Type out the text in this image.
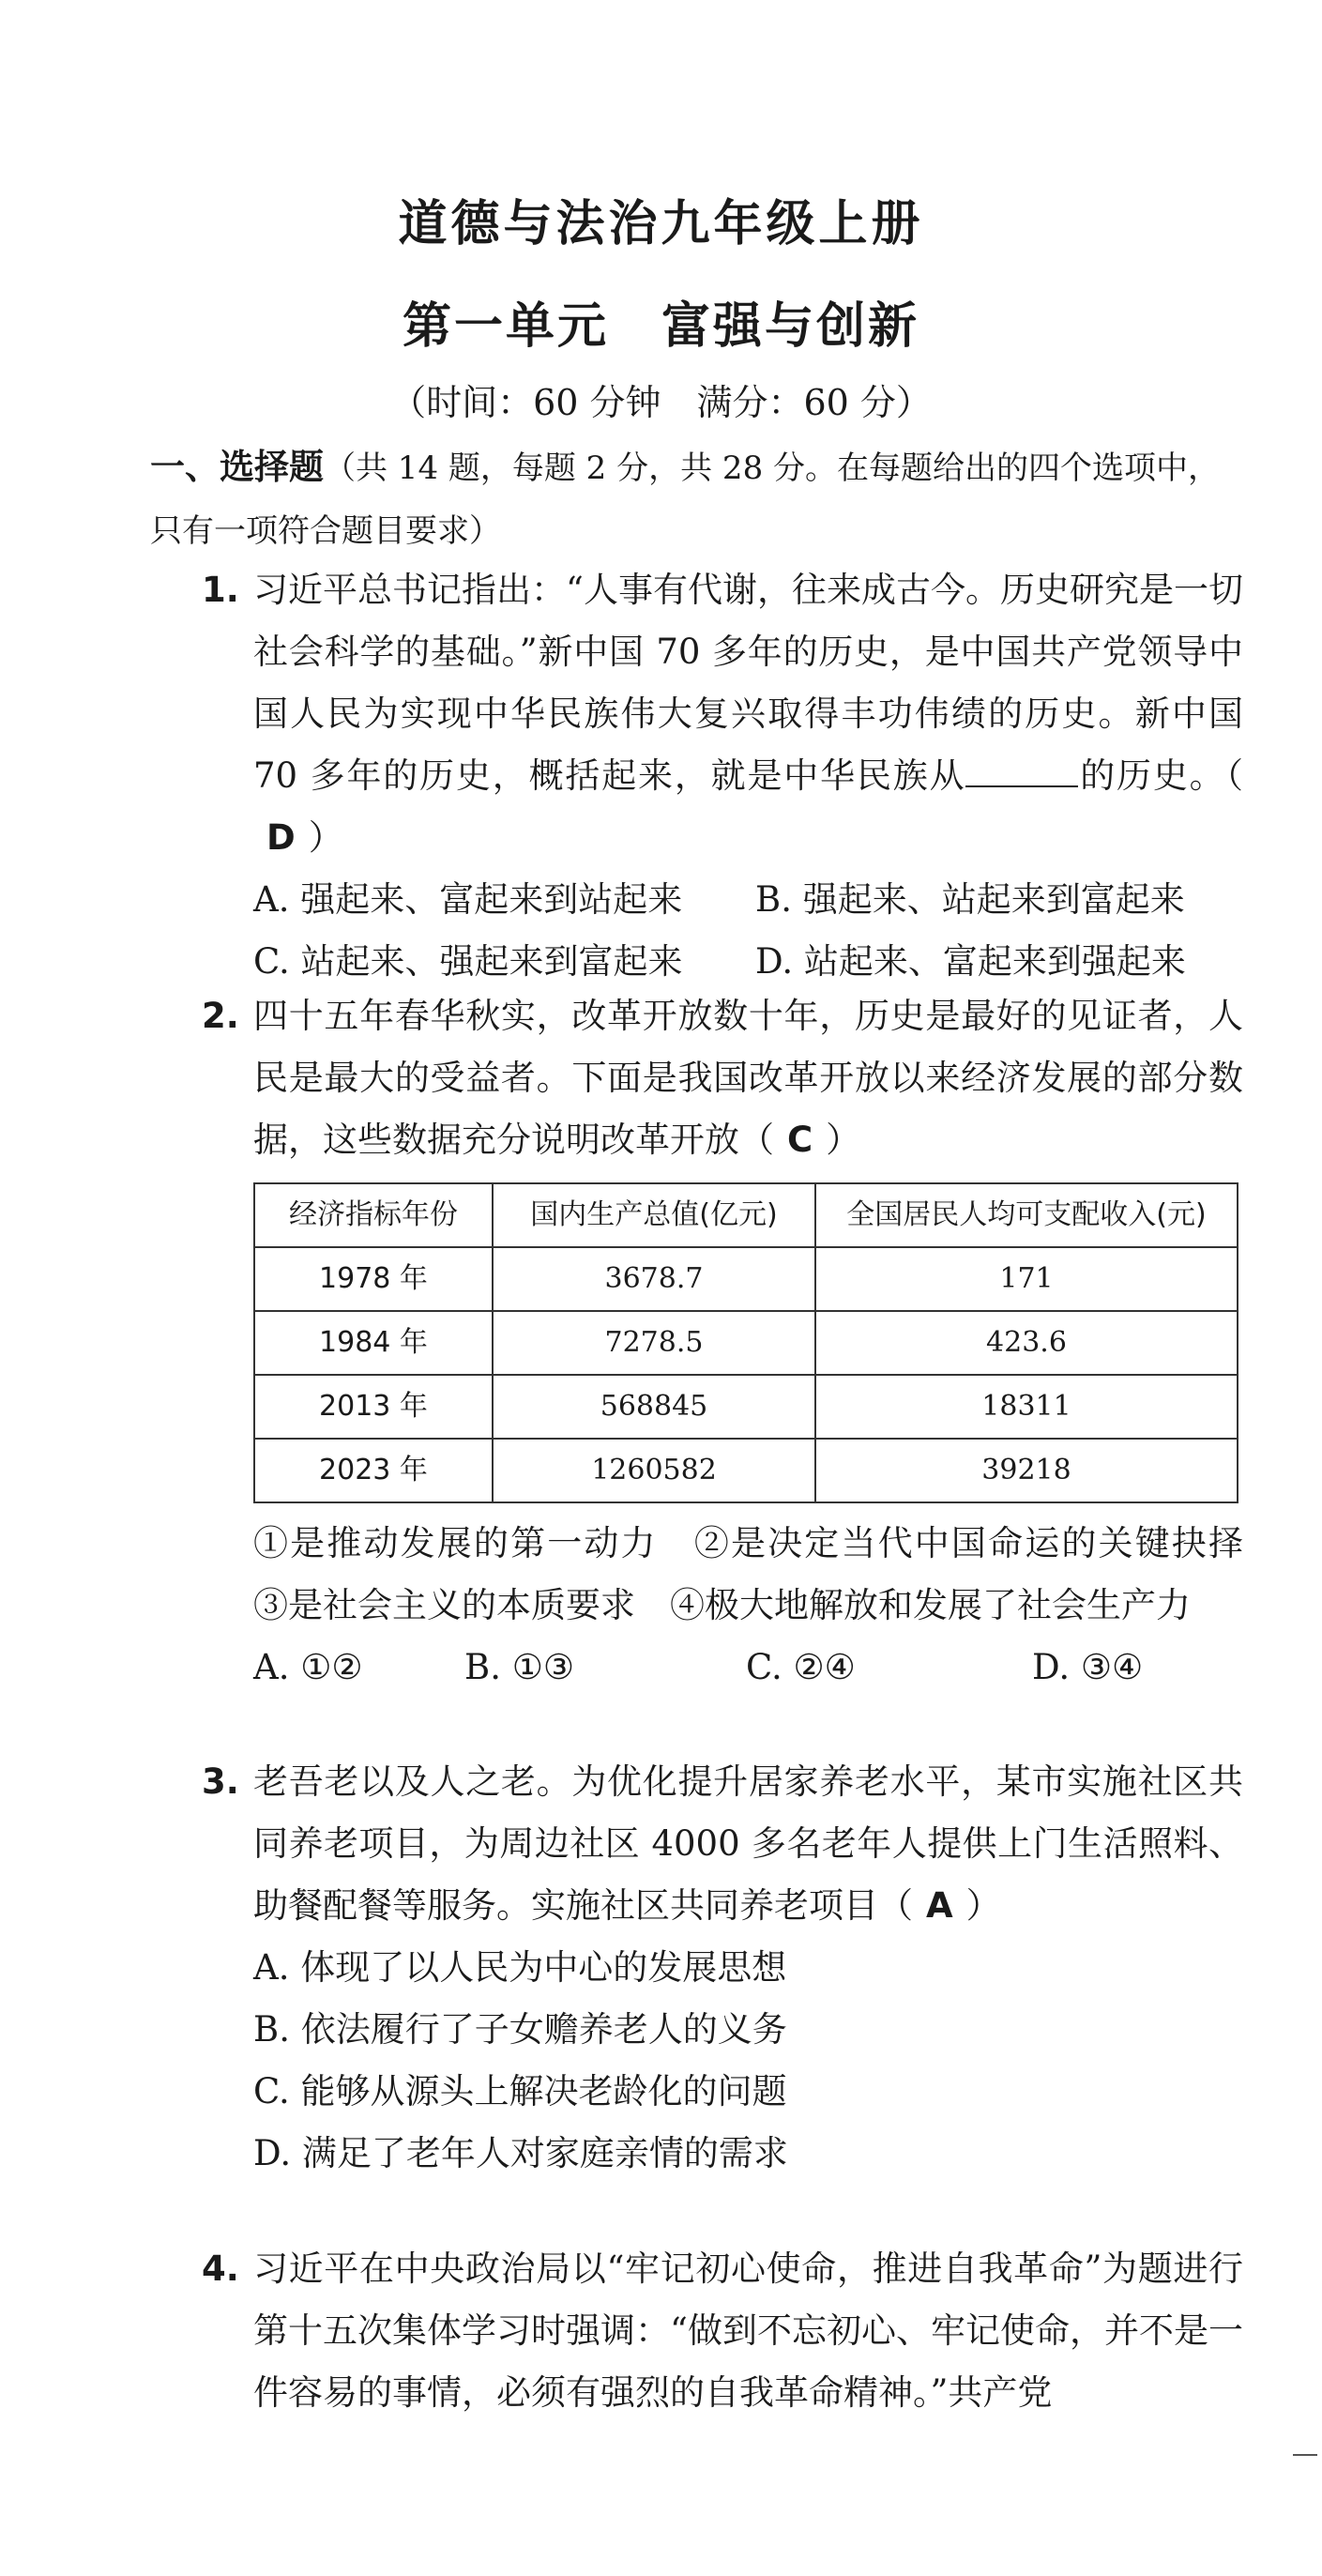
道德与法治九年级上册
第一单元 富强与创新
（时间：60 分钟　满分：60 分）
一、选择题（共 14 题，每题 2 分，共 28 分。在每题给出的四个选项中，只有一项符合题目要求）
1. 习近平总书记指出：“人事有代谢，往来成古今。历史研究是一切社会科学的基础。”新中国 70 多年的历史，是中国共产党领导中国人民为实现中华民族伟大复兴取得丰功伟绩的历史。新中国 70 多年的历史，概括起来，就是中华民族从	的历史。（D ）
A. 强起来、富起来到站起来	B. 强起来、站起来到富起来
C. 站起来、强起来到富起来	D. 站起来、富起来到强起来
2. 四十五年春华秋实，改革开放数十年，历史是最好的见证者，人民是最大的受益者。下面是我国改革开放以来经济发展的部分数据，这些数据充分说明改革开放（ C ）
经济指标年份	国内生产总值(亿元)	全国居民人均可支配收入(元)
1978 年	3678.7	171
1984 年	7278.5	423.6
2013 年	568845	18311
2023 年	1260582	39218
①是推动发展的第一动力　②是决定当代中国命运的关键抉择　③是社会主义的本质要求　④极大地解放和发展了社会生产力
A. ①②	B. ①③	C. ②④	D. ③④
3. 老吾老以及人之老。为优化提升居家养老水平，某市实施社区共同养老项目，为周边社区 4000 多名老年人提供上门生活照料、助餐配餐等服务。实施社区共同养老项目（ A ）
A. 体现了以人民为中心的发展思想
B. 依法履行了子女赡养老人的义务
C. 能够从源头上解决老龄化的问题
D. 满足了老年人对家庭亲情的需求
4. 习近平在中央政治局以“牢记初心使命，推进自我革命”为题进行第十五次集体学习时强调：“做到不忘初心、牢记使命，并不是一件容易的事情，必须有强烈的自我革命精神。”共产党
